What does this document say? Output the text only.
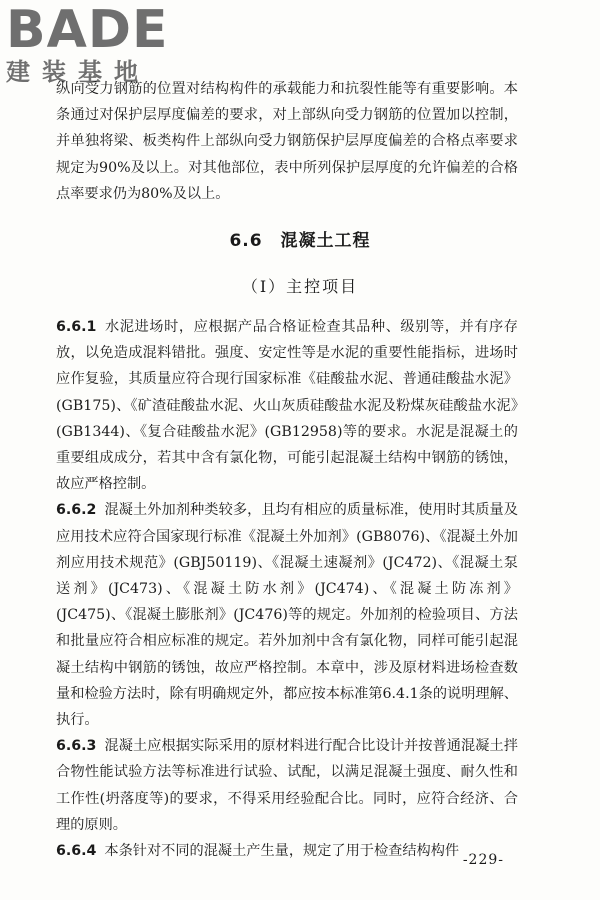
BADE
建装基地

纵向受力钢筋的位置对结构构件的承载能力和抗裂性能等有重要影响。本条通过对保护层厚度偏差的要求，对上部纵向受力钢筋的位置加以控制，并单独将梁、板类构件上部纵向受力钢筋保护层厚度偏差的合格点率要求规定为90%及以上。对其他部位，表中所列保护层厚度的允许偏差的合格点率要求仍为80%及以上。

6.6　混凝土工程
（Ⅰ）主控项目

6.6.1 水泥进场时，应根据产品合格证检查其品种、级别等，并有序存放，以免造成混料错批。强度、安定性等是水泥的重要性能指标，进场时应作复验，其质量应符合现行国家标准《硅酸盐水泥、普通硅酸盐水泥》(GB175)、《矿渣硅酸盐水泥、火山灰质硅酸盐水泥及粉煤灰硅酸盐水泥》(GB1344)、《复合硅酸盐水泥》(GB12958)等的要求。水泥是混凝土的重要组成成分，若其中含有氯化物，可能引起混凝土结构中钢筋的锈蚀，故应严格控制。

6.6.2 混凝土外加剂种类较多，且均有相应的质量标准，使用时其质量及应用技术应符合国家现行标准《混凝土外加剂》(GB8076)、《混凝土外加剂应用技术规范》(GBJ50119)、《混凝土速凝剂》(JC472)、《混凝土泵送剂》(JC473)、《混凝土防水剂》(JC474)、《混凝土防冻剂》(JC475)、《混凝土膨胀剂》(JC476)等的规定。外加剂的检验项目、方法和批量应符合相应标准的规定。若外加剂中含有氯化物，同样可能引起混凝土结构中钢筋的锈蚀，故应严格控制。本章中，涉及原材料进场检查数量和检验方法时，除有明确规定外，都应按本标准第6.4.1条的说明理解、执行。

6.6.3 混凝土应根据实际采用的原材料进行配合比设计并按普通混凝土拌合物性能试验方法等标准进行试验、试配，以满足混凝土强度、耐久性和工作性(坍落度等)的要求，不得采用经验配合比。同时，应符合经济、合理的原则。

6.6.4 本条针对不同的混凝土产生量，规定了用于检查结构构件

-229-
